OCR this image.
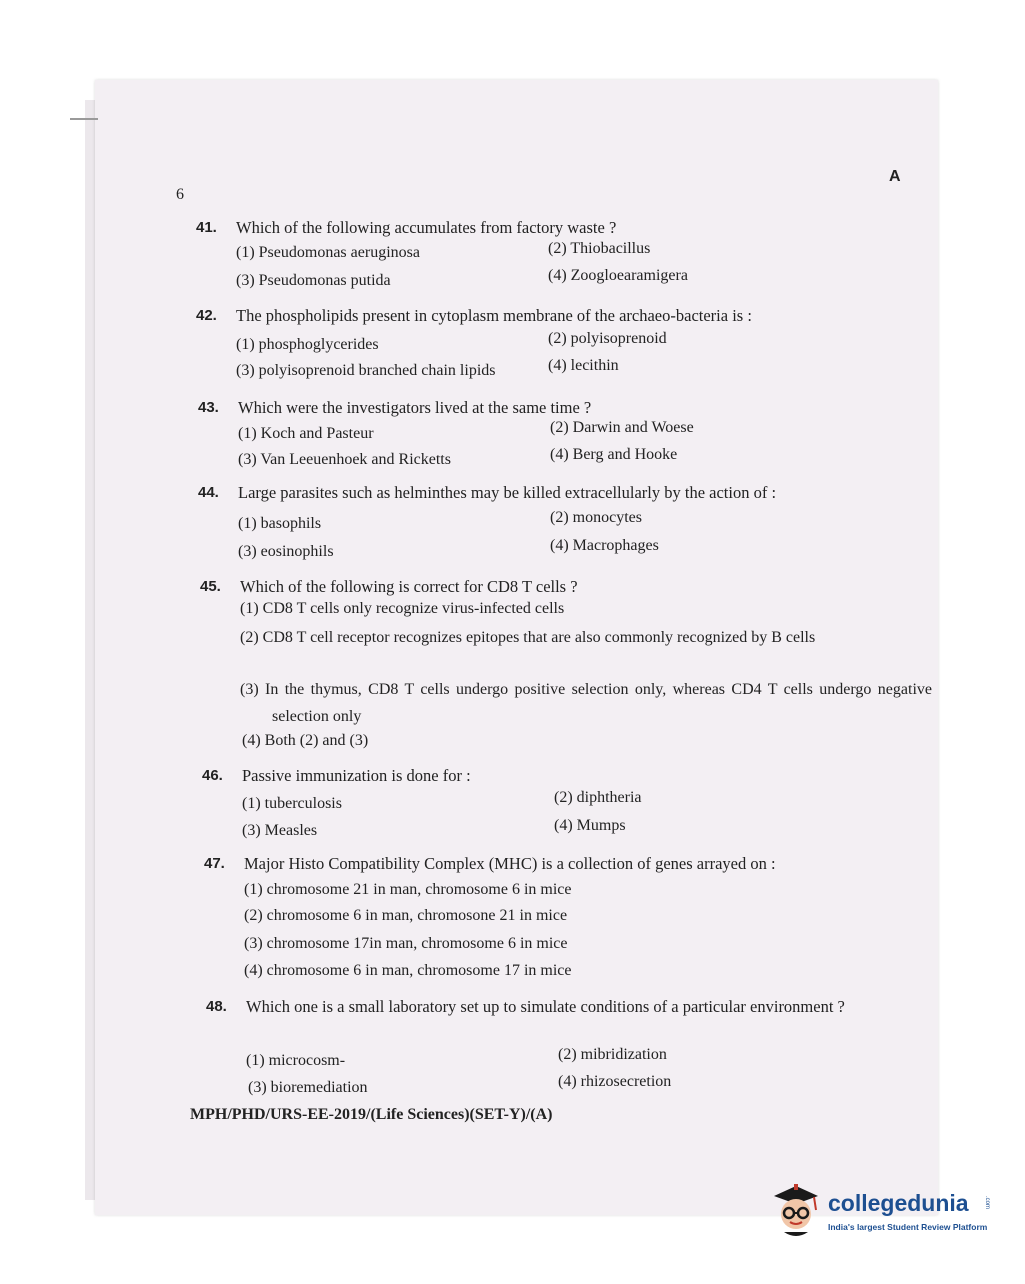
6
A
41. Which of the following accumulates from factory waste ?
(1) Pseudomonas aeruginosa	(2) Thiobacillus
(3) Pseudomonas putida	(4) Zoogloearamigera
42. The phospholipids present in cytoplasm membrane of the archaeo-bacteria is :
(1) phosphoglycerides	(2) polyisoprenoid
(3) polyisoprenoid branched chain lipids	(4) lecithin
43. Which were the investigators lived at the same time ?
(1) Koch and Pasteur	(2) Darwin and Woese
(3) Van Leeuenhoek and Ricketts	(4) Berg and Hooke
44. Large parasites such as helminthes may be killed extracellularly by the action of :
(1) basophils	(2) monocytes
(3) eosinophils	(4) Macrophages
45. Which of the following is correct for CD8 T cells ?
(1) CD8 T cells only recognize virus-infected cells
(2) CD8 T cell receptor recognizes epitopes that are also commonly recognized by B cells
(3) In the thymus, CD8 T cells undergo positive selection only, whereas CD4 T cells undergo negative selection only
(4) Both (2) and (3)
46. Passive immunization is done for :
(1) tuberculosis	(2) diphtheria
(3) Measles	(4) Mumps
47. Major Histo Compatibility Complex (MHC) is a collection of genes arrayed on :
(1) chromosome 21 in man, chromosome 6 in mice
(2) chromosome 6 in man, chromosone 21 in mice
(3) chromosome 17in man, chromosome 6 in mice
(4) chromosome 6 in man, chromosome 17 in mice
48. Which one is a small laboratory set up to simulate conditions of a particular environment ?
(1) microcosm-	(2) mibridization
(3) bioremediation	(4) rhizosecretion
MPH/PHD/URS-EE-2019/(Life Sciences)(SET-Y)/(A)
collegedunia	.com
India's largest Student Review Platform
